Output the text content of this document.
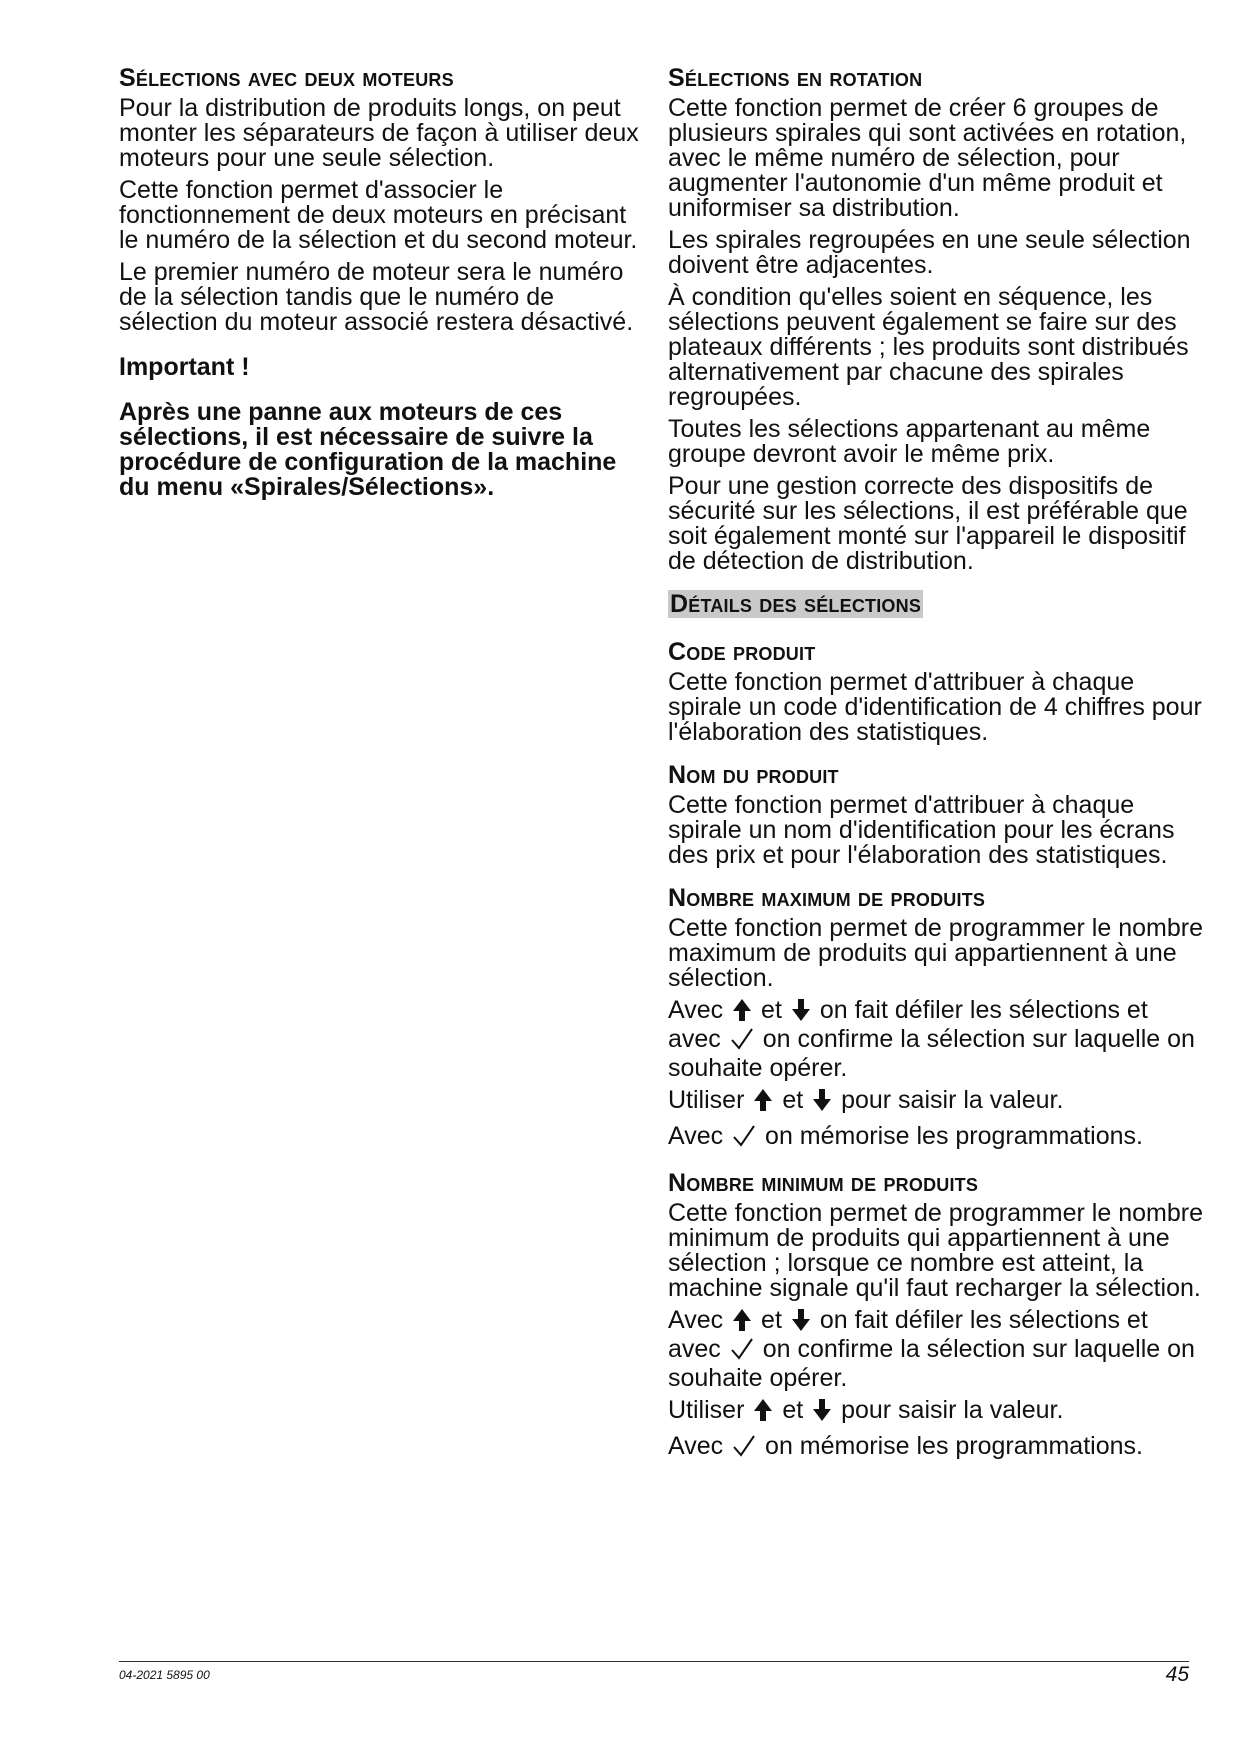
Sélections avec deux moteurs

Pour la distribution de produits longs, on peut monter les séparateurs de façon à utiliser deux moteurs pour une seule sélection.

Cette fonction permet d'associer le fonctionnement de deux moteurs en précisant le numéro de la sélection et du second moteur.

Le premier numéro de moteur sera le numéro de la sélection tandis que le numéro de sélection du moteur associé restera désactivé.

Important !

Après une panne aux moteurs de ces sélections, il est nécessaire de suivre la procédure de configuration de la machine du menu «Spirales/Sélections».

Sélections en rotation

Cette fonction permet de créer 6 groupes de plusieurs spirales qui sont activées en rotation, avec le même numéro de sélection, pour augmenter l'autonomie d'un même produit et uniformiser sa distribution.

Les spirales regroupées en une seule sélection doivent être adjacentes.

À condition qu'elles soient en séquence, les sélections peuvent également se faire sur des plateaux différents ; les produits sont distribués alternativement par chacune des spirales regroupées.

Toutes les sélections appartenant au même groupe devront avoir le même prix.

Pour une gestion correcte des dispositifs de sécurité sur les sélections, il est préférable que soit également monté sur l'appareil le dispositif de détection de distribution.

Détails des sélections
Code produit

Cette fonction permet d'attribuer à chaque spirale un code d'identification de 4 chiffres pour l'élaboration des statistiques.

Nom du produit

Cette fonction permet d'attribuer à chaque spirale un nom d'identification pour les écrans des prix et pour l'élaboration des statistiques.

Nombre maximum de produits

Cette fonction permet de programmer le nombre maximum de produits qui appartiennent à une sélection.

Avec et on fait défiler les sélections et avec on confirme la sélection sur laquelle on souhaite opérer.

Utiliser et pour saisir la valeur.

Avec on mémorise les programmations.

Nombre minimum de produits

Cette fonction permet de programmer le nombre minimum de produits qui appartiennent à une sélection ; lorsque ce nombre est atteint, la machine signale qu'il faut recharger la sélection.

Avec et on fait défiler les sélections et avec on confirme la sélection sur laquelle on souhaite opérer.

Utiliser et pour saisir la valeur.

Avec on mémorise les programmations.

04-2021 5895 00	45
